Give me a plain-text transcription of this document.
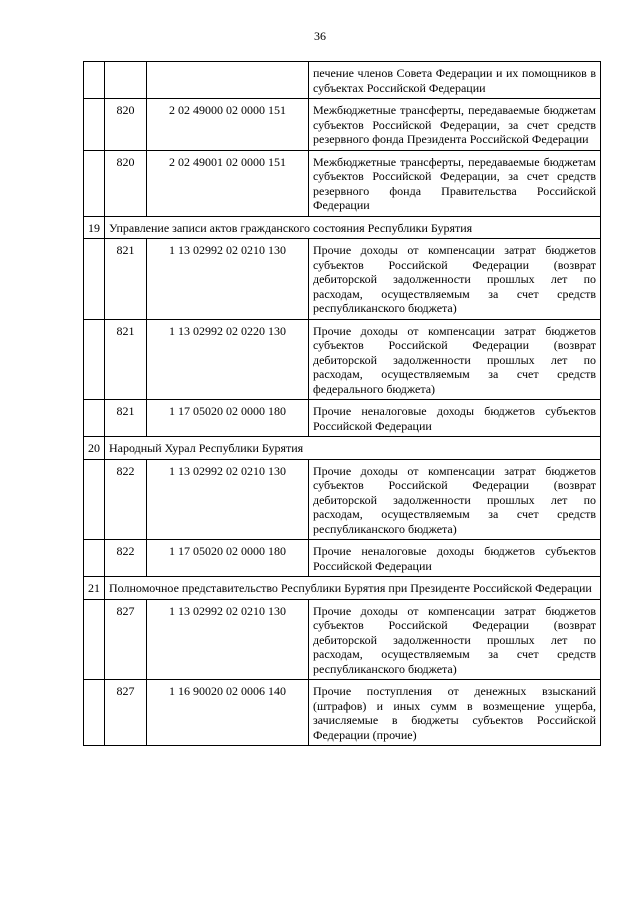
36
			печение членов Совета Федерации и их помощников в субъектах Российской Федерации
	820	2 02 49000 02 0000 151	Межбюджетные трансферты, передаваемые бюджетам субъектов Российской Федерации, за счет средств резервного фонда Президента Российской Федерации
	820	2 02 49001 02 0000 151	Межбюджетные трансферты, передаваемые бюджетам субъектов Российской Федерации, за счет средств резервного фонда Правительства Российской Федерации
19	Управление записи актов гражданского состояния Республики Бурятия		
	821	1 13 02992 02 0210 130	Прочие доходы от компенсации затрат бюджетов субъектов Российской Федерации (возврат дебиторской задолженности прошлых лет по расходам, осуществляемым за счет средств республиканского бюджета)
	821	1 13 02992 02 0220 130	Прочие доходы от компенсации затрат бюджетов субъектов Российской Федерации (возврат дебиторской задолженности прошлых лет по расходам, осуществляемым за счет средств федерального бюджета)
	821	1 17 05020 02 0000 180	Прочие неналоговые доходы бюджетов субъектов Российской Федерации
20	Народный Хурал Республики Бурятия		
	822	1 13 02992 02 0210 130	Прочие доходы от компенсации затрат бюджетов субъектов Российской Федерации (возврат дебиторской задолженности прошлых лет по расходам, осуществляемым за счет средств республиканского бюджета)
	822	1 17 05020 02 0000 180	Прочие неналоговые доходы бюджетов субъектов Российской Федерации
21	Полномочное представительство Республики Бурятия при Президенте Российской Федерации		
	827	1 13 02992 02 0210 130	Прочие доходы от компенсации затрат бюджетов субъектов Российской Федерации (возврат дебиторской задолженности прошлых лет по расходам, осуществляемым за счет средств республиканского бюджета)
	827	1 16 90020 02 0006 140	Прочие поступления от денежных взысканий (штрафов) и иных сумм в возмещение ущерба, зачисляемые в бюджеты субъектов Российской Федерации (прочие)
